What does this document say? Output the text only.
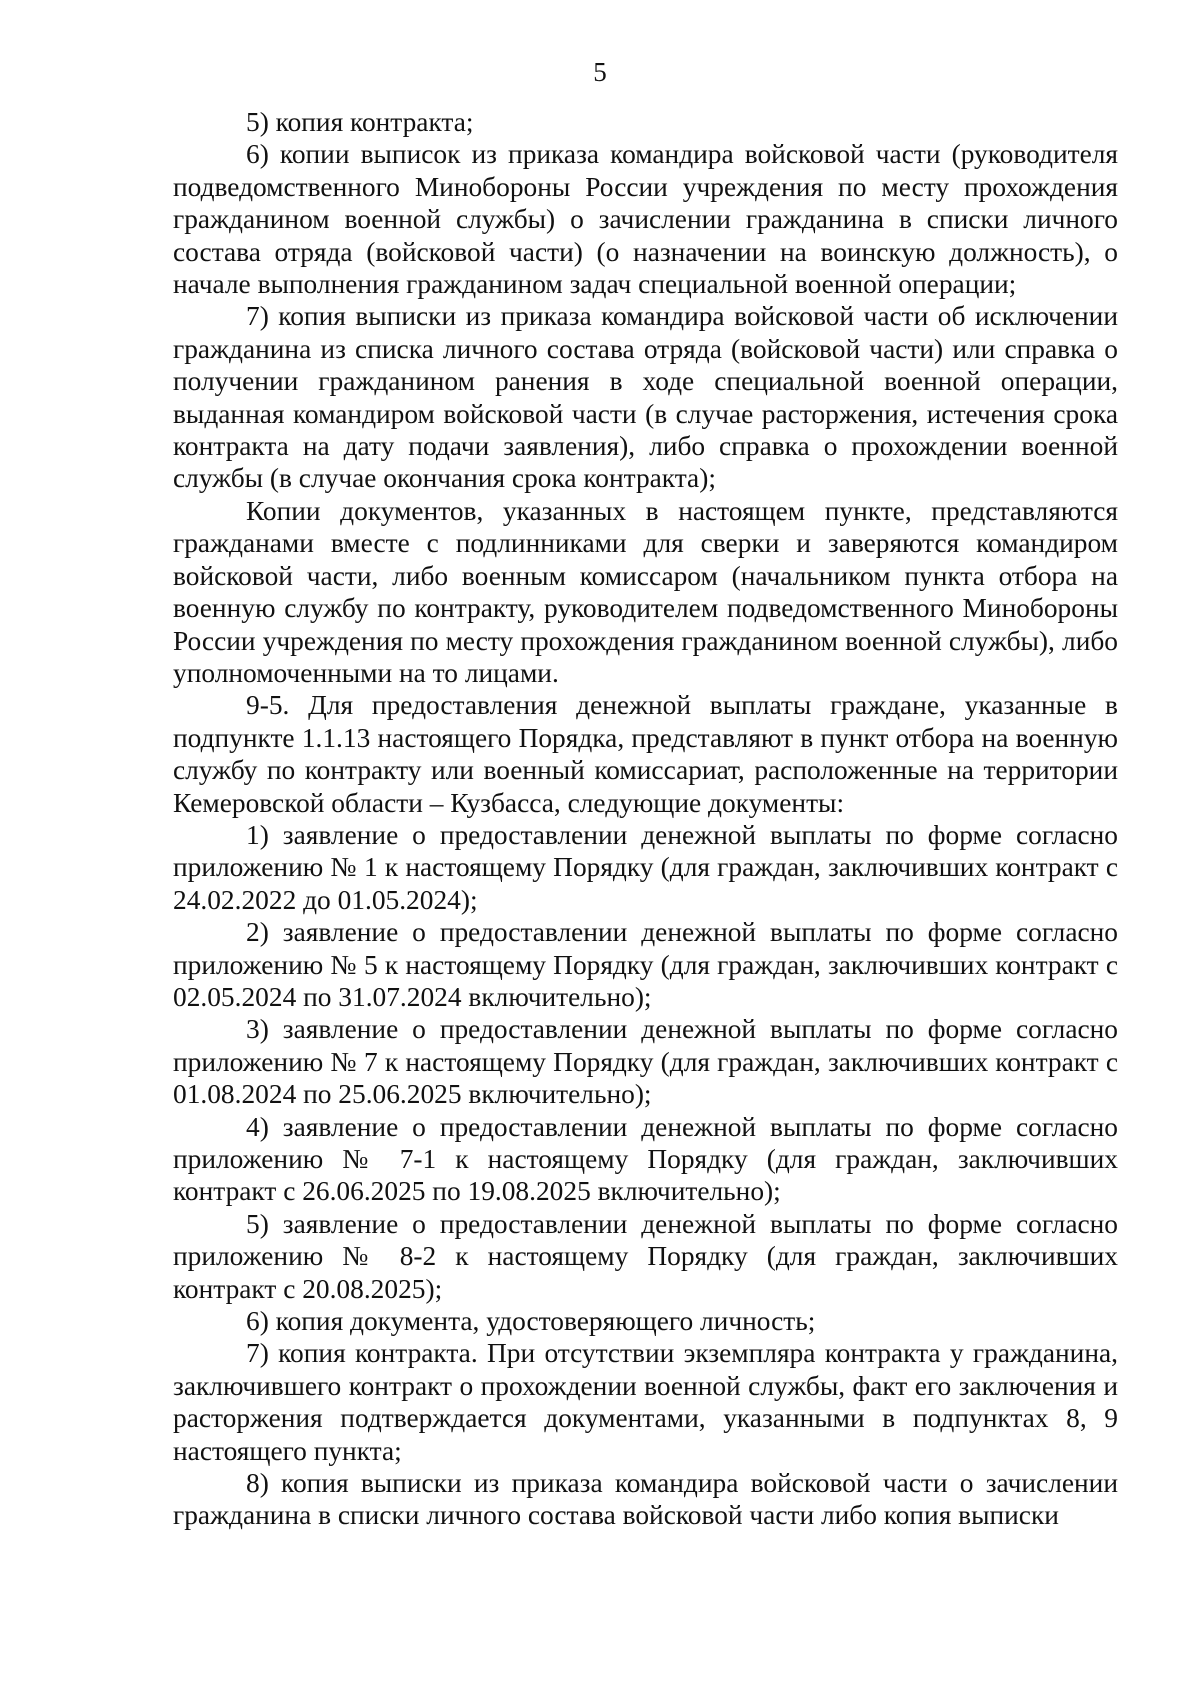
5

5) копия контракта;

6) копии выписок из приказа командира войсковой части (руководителя подведомственного Минобороны России учреждения по месту прохождения гражданином военной службы) о зачислении гражданина в списки личного состава отряда (войсковой части) (о назначении на воинскую должность), о начале выполнения гражданином задач специальной военной операции;

7) копия выписки из приказа командира войсковой части об исключении гражданина из списка личного состава отряда (войсковой части) или справка о получении гражданином ранения в ходе специальной военной операции, выданная командиром войсковой части (в случае расторжения, истечения срока контракта на дату подачи заявления), либо справка о прохождении военной службы (в случае окончания срока контракта);

Копии документов, указанных в настоящем пункте, представляются гражданами вместе с подлинниками для сверки и заверяются командиром войсковой части, либо военным комиссаром (начальником пункта отбора на военную службу по контракту, руководителем подведомственного Минобороны России учреждения по месту прохождения гражданином военной службы), либо уполномоченными на то лицами.

9-5. Для предоставления денежной выплаты граждане, указанные в подпункте 1.1.13 настоящего Порядка, представляют в пункт отбора на военную службу по контракту или военный комиссариат, расположенные на территории Кемеровской области – Кузбасса, следующие документы:

1) заявление о предоставлении денежной выплаты по форме согласно приложению № 1 к настоящему Порядку (для граждан, заключивших контракт с 24.02.2022 до 01.05.2024);

2) заявление о предоставлении денежной выплаты по форме согласно приложению № 5 к настоящему Порядку (для граждан, заключивших контракт с 02.05.2024 по 31.07.2024 включительно);

3) заявление о предоставлении денежной выплаты по форме согласно приложению № 7 к настоящему Порядку (для граждан, заключивших контракт с 01.08.2024 по 25.06.2025 включительно);

4) заявление о предоставлении денежной выплаты по форме согласно приложению № 7-1 к настоящему Порядку (для граждан, заключивших контракт с 26.06.2025 по 19.08.2025 включительно);

5) заявление о предоставлении денежной выплаты по форме согласно приложению № 8-2 к настоящему Порядку (для граждан, заключивших контракт с 20.08.2025);

6) копия документа, удостоверяющего личность;

7) копия контракта. При отсутствии экземпляра контракта у гражданина, заключившего контракт о прохождении военной службы, факт его заключения и расторжения подтверждается документами, указанными в подпунктах 8, 9 настоящего пункта;

8) копия выписки из приказа командира войсковой части о зачислении гражданина в списки личного состава войсковой части либо копия выписки
